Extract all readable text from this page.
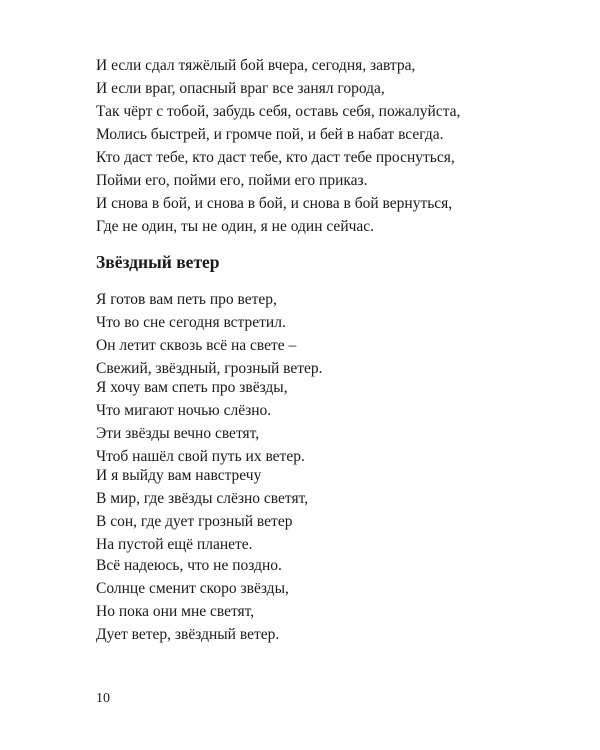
И если сдал тяжёлый бой вчера, сегодня, завтра,
И если враг, опасный враг все занял города,
Так чёрт с тобой, забудь себя, оставь себя, пожалуйста,
Молись быстрей, и громче пой, и бей в набат всегда.
Кто даст тебе, кто даст тебе, кто даст тебе проснуться,
Пойми его, пойми его, пойми его приказ.
И снова в бой, и снова в бой, и снова в бой вернуться,
Где не один, ты не один, я не один сейчас.
Звёздный ветер
Я готов вам петь про ветер,
Что во сне сегодня встретил.
Он летит сквозь всё на свете –
Свежий, звёздный, грозный ветер.
Я хочу вам спеть про звёзды,
Что мигают ночью слёзно.
Эти звёзды вечно светят,
Чтоб нашёл свой путь их ветер.
И я выйду вам навстречу
В мир, где звёзды слёзно светят,
В сон, где дует грозный ветер
На пустой ещё планете.
Всё надеюсь, что не поздно.
Солнце сменит скоро звёзды,
Но пока они мне светят,
Дует ветер, звёздный ветер.
10
